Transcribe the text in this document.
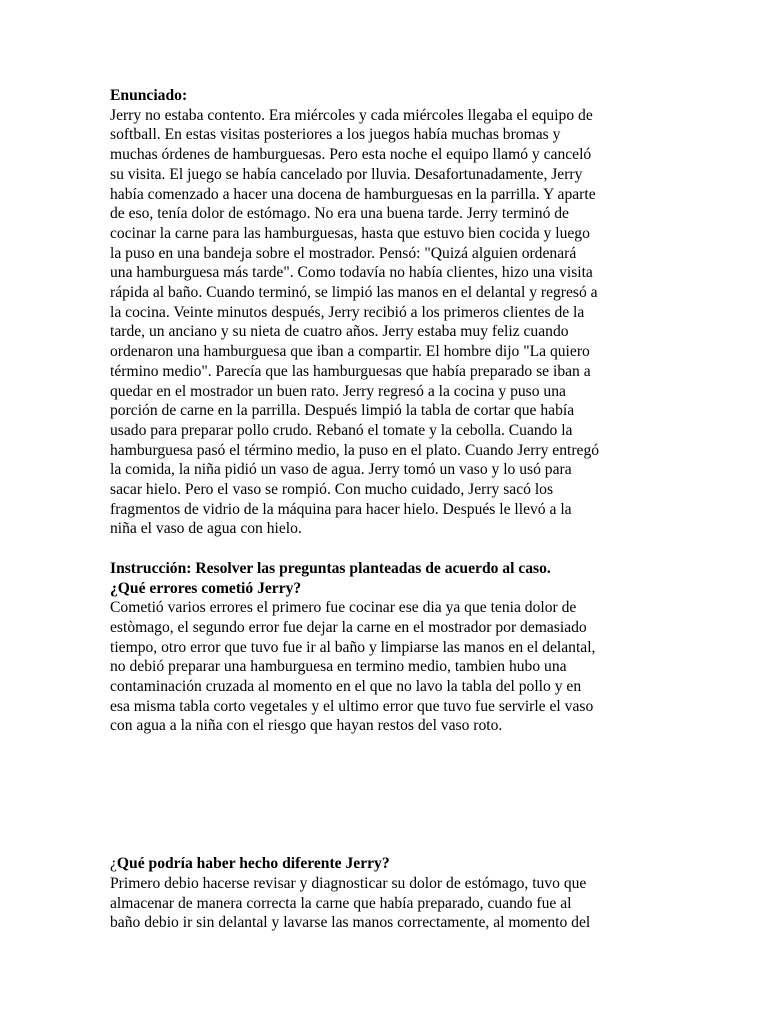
Enunciado:
Jerry no estaba contento. Era miércoles y cada miércoles llegaba el equipo de
softball. En estas visitas posteriores a los juegos había muchas bromas y
muchas órdenes de hamburguesas. Pero esta noche el equipo llamó y canceló
su visita. El juego se había cancelado por lluvia. Desafortunadamente, Jerry
había comenzado a hacer una docena de hamburguesas en la parrilla. Y aparte
de eso, tenía dolor de estómago. No era una buena tarde. Jerry terminó de
cocinar la carne para las hamburguesas, hasta que estuvo bien cocida y luego
la puso en una bandeja sobre el mostrador. Pensó: "Quizá alguien ordenará
una hamburguesa más tarde". Como todavía no había clientes, hizo una visita
rápida al baño. Cuando terminó, se limpió las manos en el delantal y regresó a
la cocina. Veinte minutos después, Jerry recibió a los primeros clientes de la
tarde, un anciano y su nieta de cuatro años. Jerry estaba muy feliz cuando
ordenaron una hamburguesa que iban a compartir. El hombre dijo "La quiero
término medio". Parecía que las hamburguesas que había preparado se iban a
quedar en el mostrador un buen rato. Jerry regresó a la cocina y puso una
porción de carne en la parrilla. Después limpió la tabla de cortar que había
usado para preparar pollo crudo. Rebanó el tomate y la cebolla. Cuando la
hamburguesa pasó el término medio, la puso en el plato. Cuando Jerry entregó
la comida, la niña pidió un vaso de agua. Jerry tomó un vaso y lo usó para
sacar hielo. Pero el vaso se rompió. Con mucho cuidado, Jerry sacó los
fragmentos de vidrio de la máquina para hacer hielo. Después le llevó a la
niña el vaso de agua con hielo.
Instrucción: Resolver las preguntas planteadas de acuerdo al caso.
¿Qué errores cometió Jerry?
Cometió varios errores el primero fue cocinar ese dia ya que tenia dolor de
estòmago, el segundo error fue dejar la carne en el mostrador por demasiado
tiempo, otro error que tuvo fue ir al baño y limpiarse las manos en el delantal,
no debió preparar una hamburguesa en termino medio, tambien hubo una
contaminación cruzada al momento en el que no lavo la tabla del pollo y en
esa misma tabla corto vegetales y el ultimo error que tuvo fue servirle el vaso
con agua a la niña con el riesgo que hayan restos del vaso roto.
¿Qué podría haber hecho diferente Jerry?
Primero debio hacerse revisar y diagnosticar su dolor de estómago, tuvo que
almacenar de manera correcta la carne que había preparado, cuando fue al
baño debio ir sin delantal y lavarse las manos correctamente, al momento del
